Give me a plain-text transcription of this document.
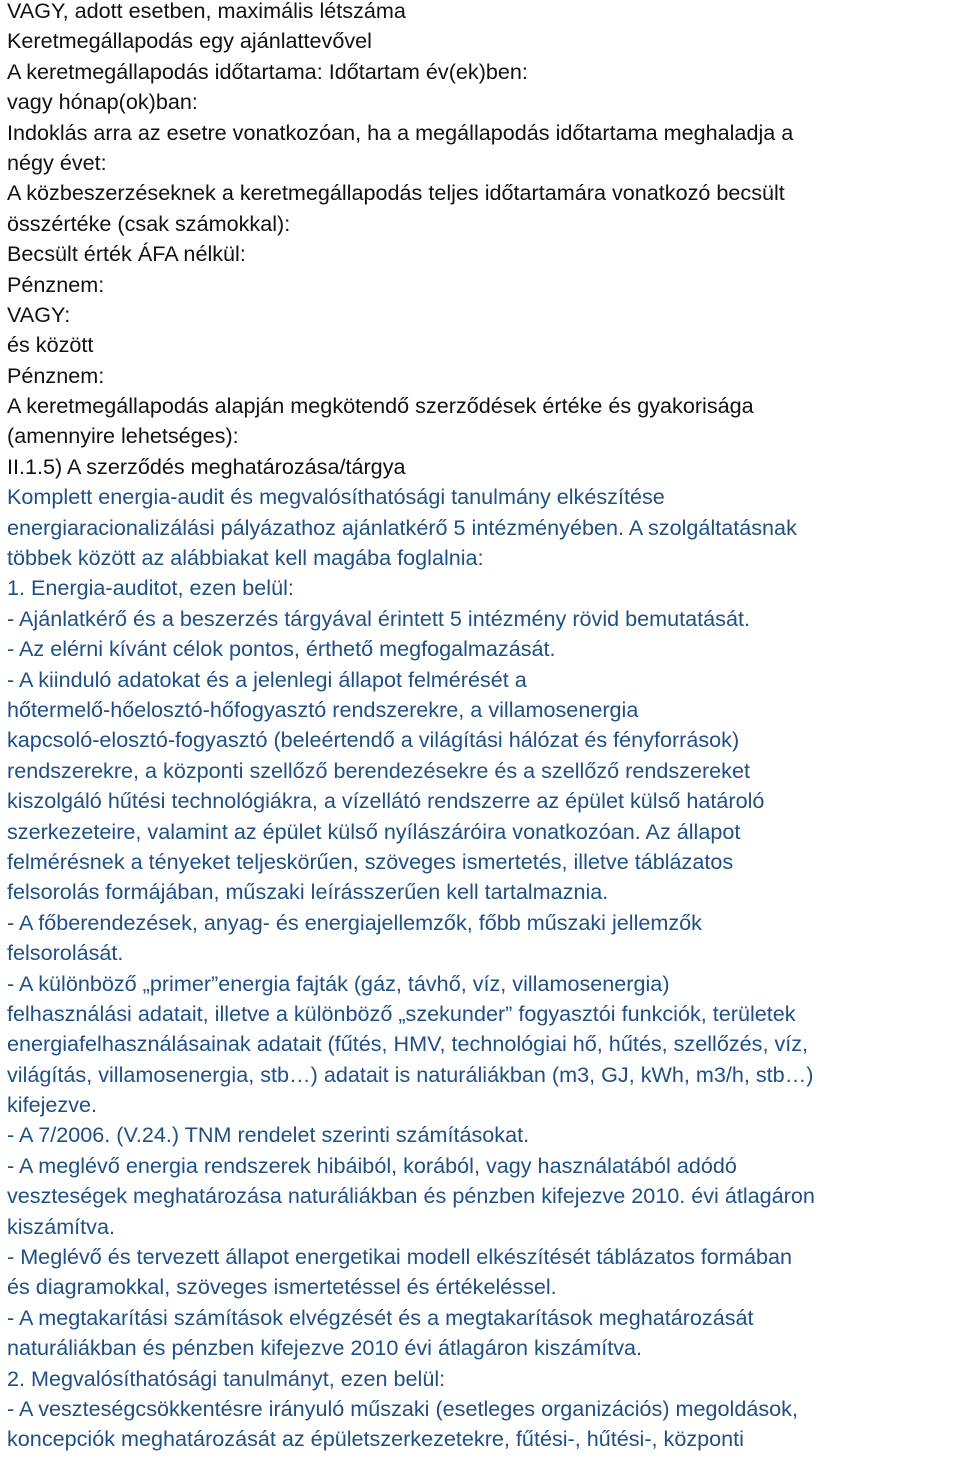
VAGY, adott esetben, maximális létszáma
Keretmegállapodás egy ajánlattevővel
A keretmegállapodás időtartama: Időtartam év(ek)ben:
vagy hónap(ok)ban:
Indoklás arra az esetre vonatkozóan, ha a megállapodás időtartama meghaladja a
négy évet:
A közbeszerzéseknek a keretmegállapodás teljes időtartamára vonatkozó becsült
összértéke (csak számokkal):
Becsült érték ÁFA nélkül:
Pénznem:
VAGY:
és között
Pénznem:
A keretmegállapodás alapján megkötendő szerződések értéke és gyakorisága
(amennyire lehetséges):
II.1.5) A szerződés meghatározása/tárgya
Komplett energia-audit és megvalósíthatósági tanulmány elkészítése
energiaracionalizálási pályázathoz ajánlatkérő 5 intézményében. A szolgáltatásnak
többek között az alábbiakat kell magába foglalnia:
1. Energia-auditot, ezen belül:
- Ajánlatkérő és a beszerzés tárgyával érintett 5 intézmény rövid bemutatását.
- Az elérni kívánt célok pontos, érthető megfogalmazását.
- A kiinduló adatokat és a jelenlegi állapot felmérését a
hőtermelő-hőelosztó-hőfogyasztó rendszerekre, a villamosenergia
kapcsoló-elosztó-fogyasztó (beleértendő a világítási hálózat és fényforrások)
rendszerekre, a központi szellőző berendezésekre és a szellőző rendszereket
kiszolgáló hűtési technológiákra, a vízellátó rendszerre az épület külső határoló
szerkezeteire, valamint az épület külső nyílászáróira vonatkozóan. Az állapot
felmérésnek a tényeket teljeskörűen, szöveges ismertetés, illetve táblázatos
felsorolás formájában, műszaki leírásszerűen kell tartalmaznia.
- A főberendezések, anyag- és energiajellemzők, főbb műszaki jellemzők
felsorolását.
- A különböző „primer”energia fajták (gáz, távhő, víz, villamosenergia)
felhasználási adatait, illetve a különböző „szekunder” fogyasztói funkciók, területek
energiafelhasználásainak adatait (fűtés, HMV, technológiai hő, hűtés, szellőzés, víz,
világítás, villamosenergia, stb…) adatait is naturáliákban (m3, GJ, kWh, m3/h, stb…)
kifejezve.
- A 7/2006. (V.24.) TNM rendelet szerinti számításokat.
- A meglévő energia rendszerek hibáiból, korából, vagy használatából adódó
veszteségek meghatározása naturáliákban és pénzben kifejezve 2010. évi átlagáron
kiszámítva.
- Meglévő és tervezett állapot energetikai modell elkészítését táblázatos formában
és diagramokkal, szöveges ismertetéssel és értékeléssel.
- A megtakarítási számítások elvégzését és a megtakarítások meghatározását
naturáliákban és pénzben kifejezve 2010 évi átlagáron kiszámítva.
2. Megvalósíthatósági tanulmányt, ezen belül:
- A veszteségcsökkentésre irányuló műszaki (esetleges organizációs) megoldások,
koncepciók meghatározását az épületszerkezetekre, fűtési-, hűtési-, központi
